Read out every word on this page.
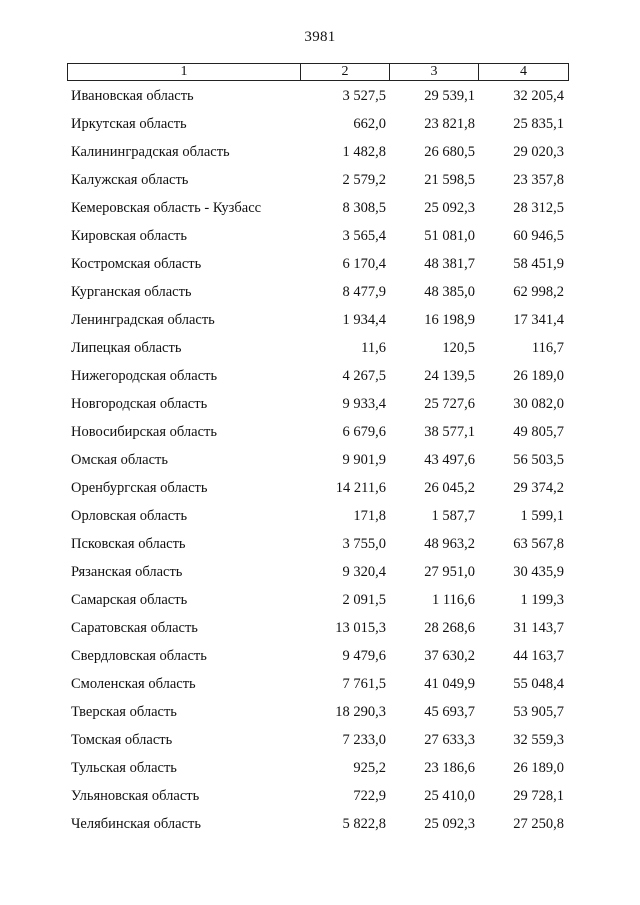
3981
1	2	3	4
Ивановская область	3 527,5	29 539,1	32 205,4
Иркутская область	662,0	23 821,8	25 835,1
Калининградская область	1 482,8	26 680,5	29 020,3
Калужская область	2 579,2	21 598,5	23 357,8
Кемеровская область - Кузбасс	8 308,5	25 092,3	28 312,5
Кировская область	3 565,4	51 081,0	60 946,5
Костромская область	6 170,4	48 381,7	58 451,9
Курганская область	8 477,9	48 385,0	62 998,2
Ленинградская область	1 934,4	16 198,9	17 341,4
Липецкая область	11,6	120,5	116,7
Нижегородская область	4 267,5	24 139,5	26 189,0
Новгородская область	9 933,4	25 727,6	30 082,0
Новосибирская область	6 679,6	38 577,1	49 805,7
Омская область	9 901,9	43 497,6	56 503,5
Оренбургская область	14 211,6	26 045,2	29 374,2
Орловская область	171,8	1 587,7	1 599,1
Псковская область	3 755,0	48 963,2	63 567,8
Рязанская область	9 320,4	27 951,0	30 435,9
Самарская область	2 091,5	1 116,6	1 199,3
Саратовская область	13 015,3	28 268,6	31 143,7
Свердловская область	9 479,6	37 630,2	44 163,7
Смоленская область	7 761,5	41 049,9	55 048,4
Тверская область	18 290,3	45 693,7	53 905,7
Томская область	7 233,0	27 633,3	32 559,3
Тульская область	925,2	23 186,6	26 189,0
Ульяновская область	722,9	25 410,0	29 728,1
Челябинская область	5 822,8	25 092,3	27 250,8
